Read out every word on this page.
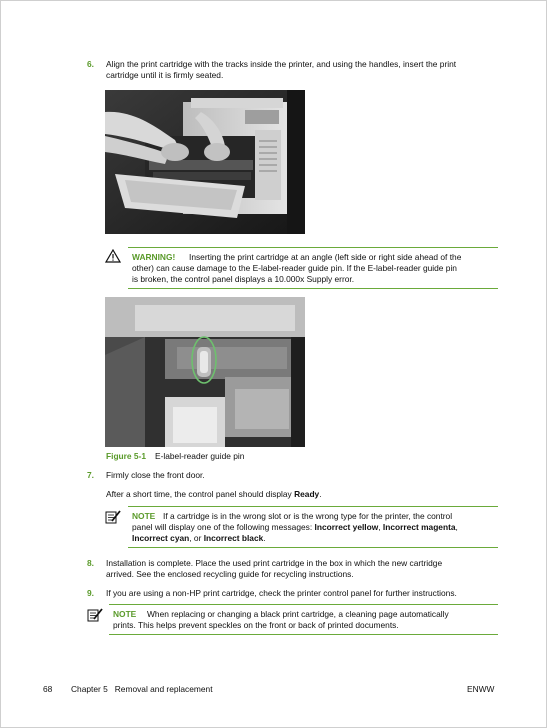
6. Align the print cartridge with the tracks inside the printer, and using the handles, insert the print
cartridge until it is firmly seated.
WARNING! Inserting the print cartridge at an angle (left side or right side ahead of the
other) can cause damage to the E-label-reader guide pin. If the E-label-reader guide pin
is broken, the control panel displays a 10.000x Supply error.
Figure 5-1 E-label-reader guide pin
7. Firmly close the front door.
After a short time, the control panel should display Ready.
NOTE If a cartridge is in the wrong slot or is the wrong type for the printer, the control
panel will display one of the following messages: Incorrect yellow, Incorrect magenta,
Incorrect cyan, or Incorrect black.
8. Installation is complete. Place the used print cartridge in the box in which the new cartridge
arrived. See the enclosed recycling guide for recycling instructions.
9. If you are using a non-HP print cartridge, check the printer control panel for further instructions.
NOTE When replacing or changing a black print cartridge, a cleaning page automatically
prints. This helps prevent speckles on the front or back of printed documents.
68 Chapter 5   Removal and replacement	ENWW
